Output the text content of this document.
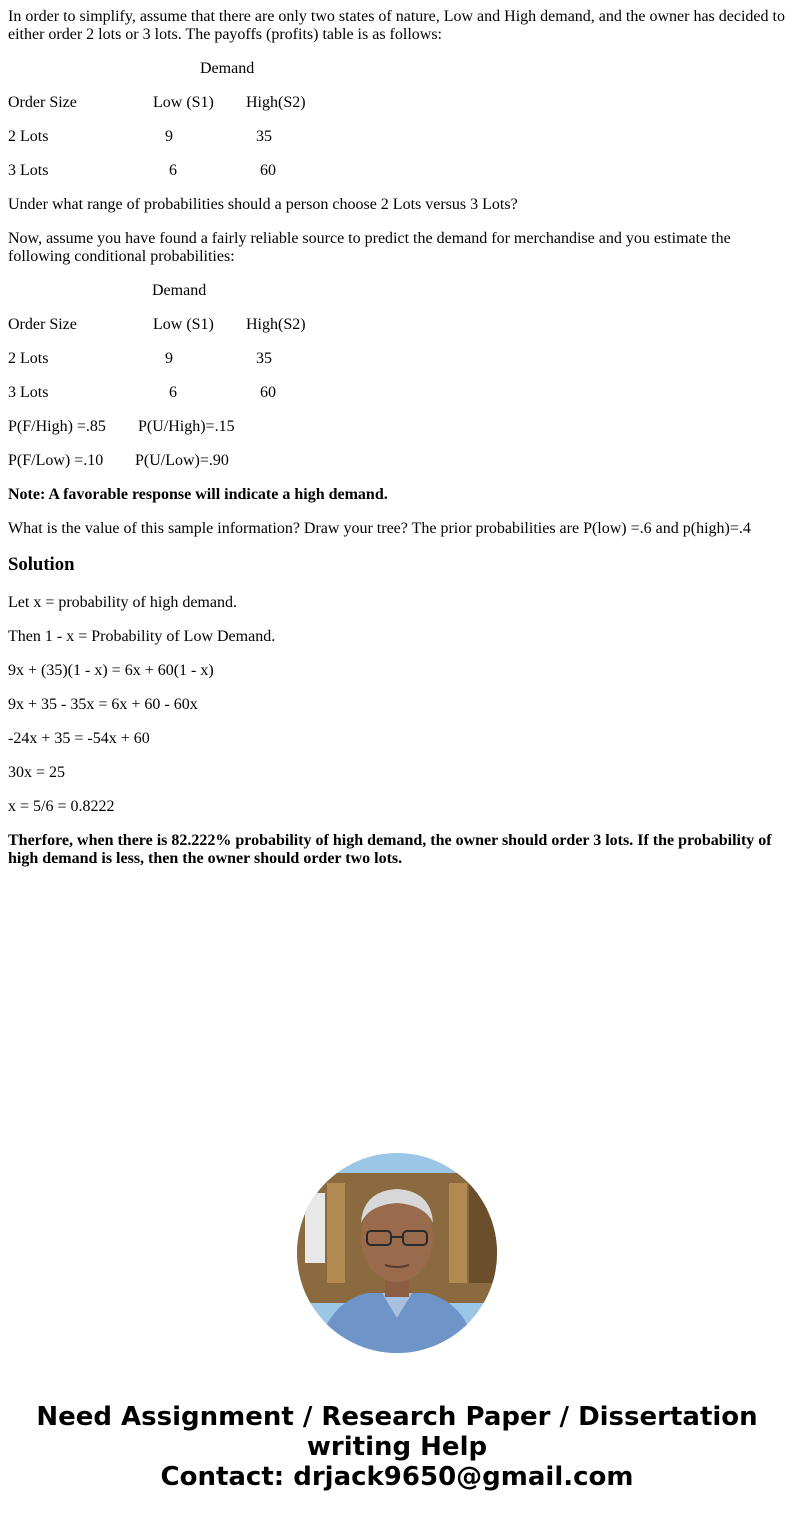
In order to simplify, assume that there are only two states of nature, Low and High demand, and the owner has decided to either order 2 lots or 3 lots. The payoffs (profits) table is as follows:

Demand
Order Size	Low (S1) High(S2)
2 Lots	9	35
3 Lots	6	60

Under what range of probabilities should a person choose 2 Lots versus 3 Lots?

Now, assume you have found a fairly reliable source to predict the demand for merchandise and you estimate the following conditional probabilities:

Demand
Order Size	Low (S1) High(S2)
2 Lots	9	35
3 Lots	6	60
P(F/High) =.85 P(U/High)=.15
P(F/Low) =.10 P(U/Low)=.90

Note: A favorable response will indicate a high demand.

What is the value of this sample information? Draw your tree? The prior probabilities are P(low) =.6 and p(high)=.4

Solution

Let x = probability of high demand.

Then 1 - x = Probability of Low Demand.

9x + (35)(1 - x) = 6x + 60(1 - x)

9x + 35 - 35x = 6x + 60 - 60x

-24x + 35 = -54x + 60

30x = 25

x = 5/6 = 0.8222

Therfore, when there is 82.222% probability of high demand, the owner should order 3 lots. If the probability of high demand is less, then the owner should order two lots.

Need Assignment / Research Paper / Dissertation
writing Help
Contact: drjack9650@gmail.com
